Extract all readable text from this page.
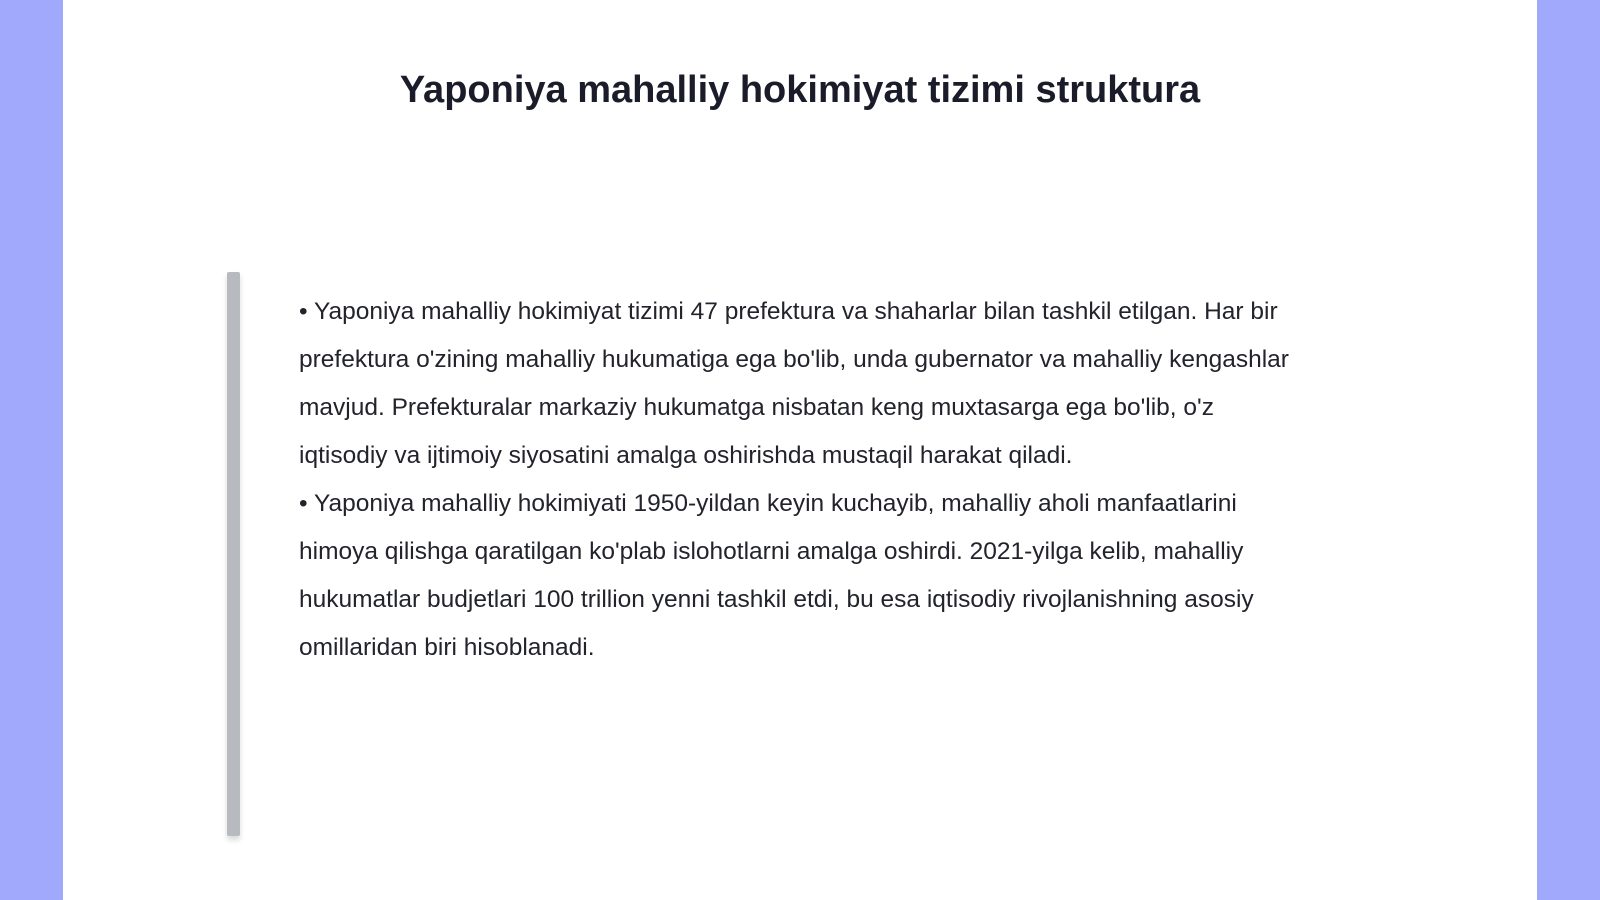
Yaponiya mahalliy hokimiyat tizimi struktura

• Yaponiya mahalliy hokimiyat tizimi 47 prefektura va shaharlar bilan tashkil etilgan. Har bir prefektura o'zining mahalliy hukumatiga ega bo'lib, unda gubernator va mahalliy kengashlar mavjud. Prefekturalar markaziy hukumatga nisbatan keng muxtasarga ega bo'lib, o'z iqtisodiy va ijtimoiy siyosatini amalga oshirishda mustaqil harakat qiladi.

• Yaponiya mahalliy hokimiyati 1950-yildan keyin kuchayib, mahalliy aholi manfaatlarini himoya qilishga qaratilgan ko'plab islohotlarni amalga oshirdi. 2021-yilga kelib, mahalliy hukumatlar budjetlari 100 trillion yenni tashkil etdi, bu esa iqtisodiy rivojlanishning asosiy omillaridan biri hisoblanadi.
